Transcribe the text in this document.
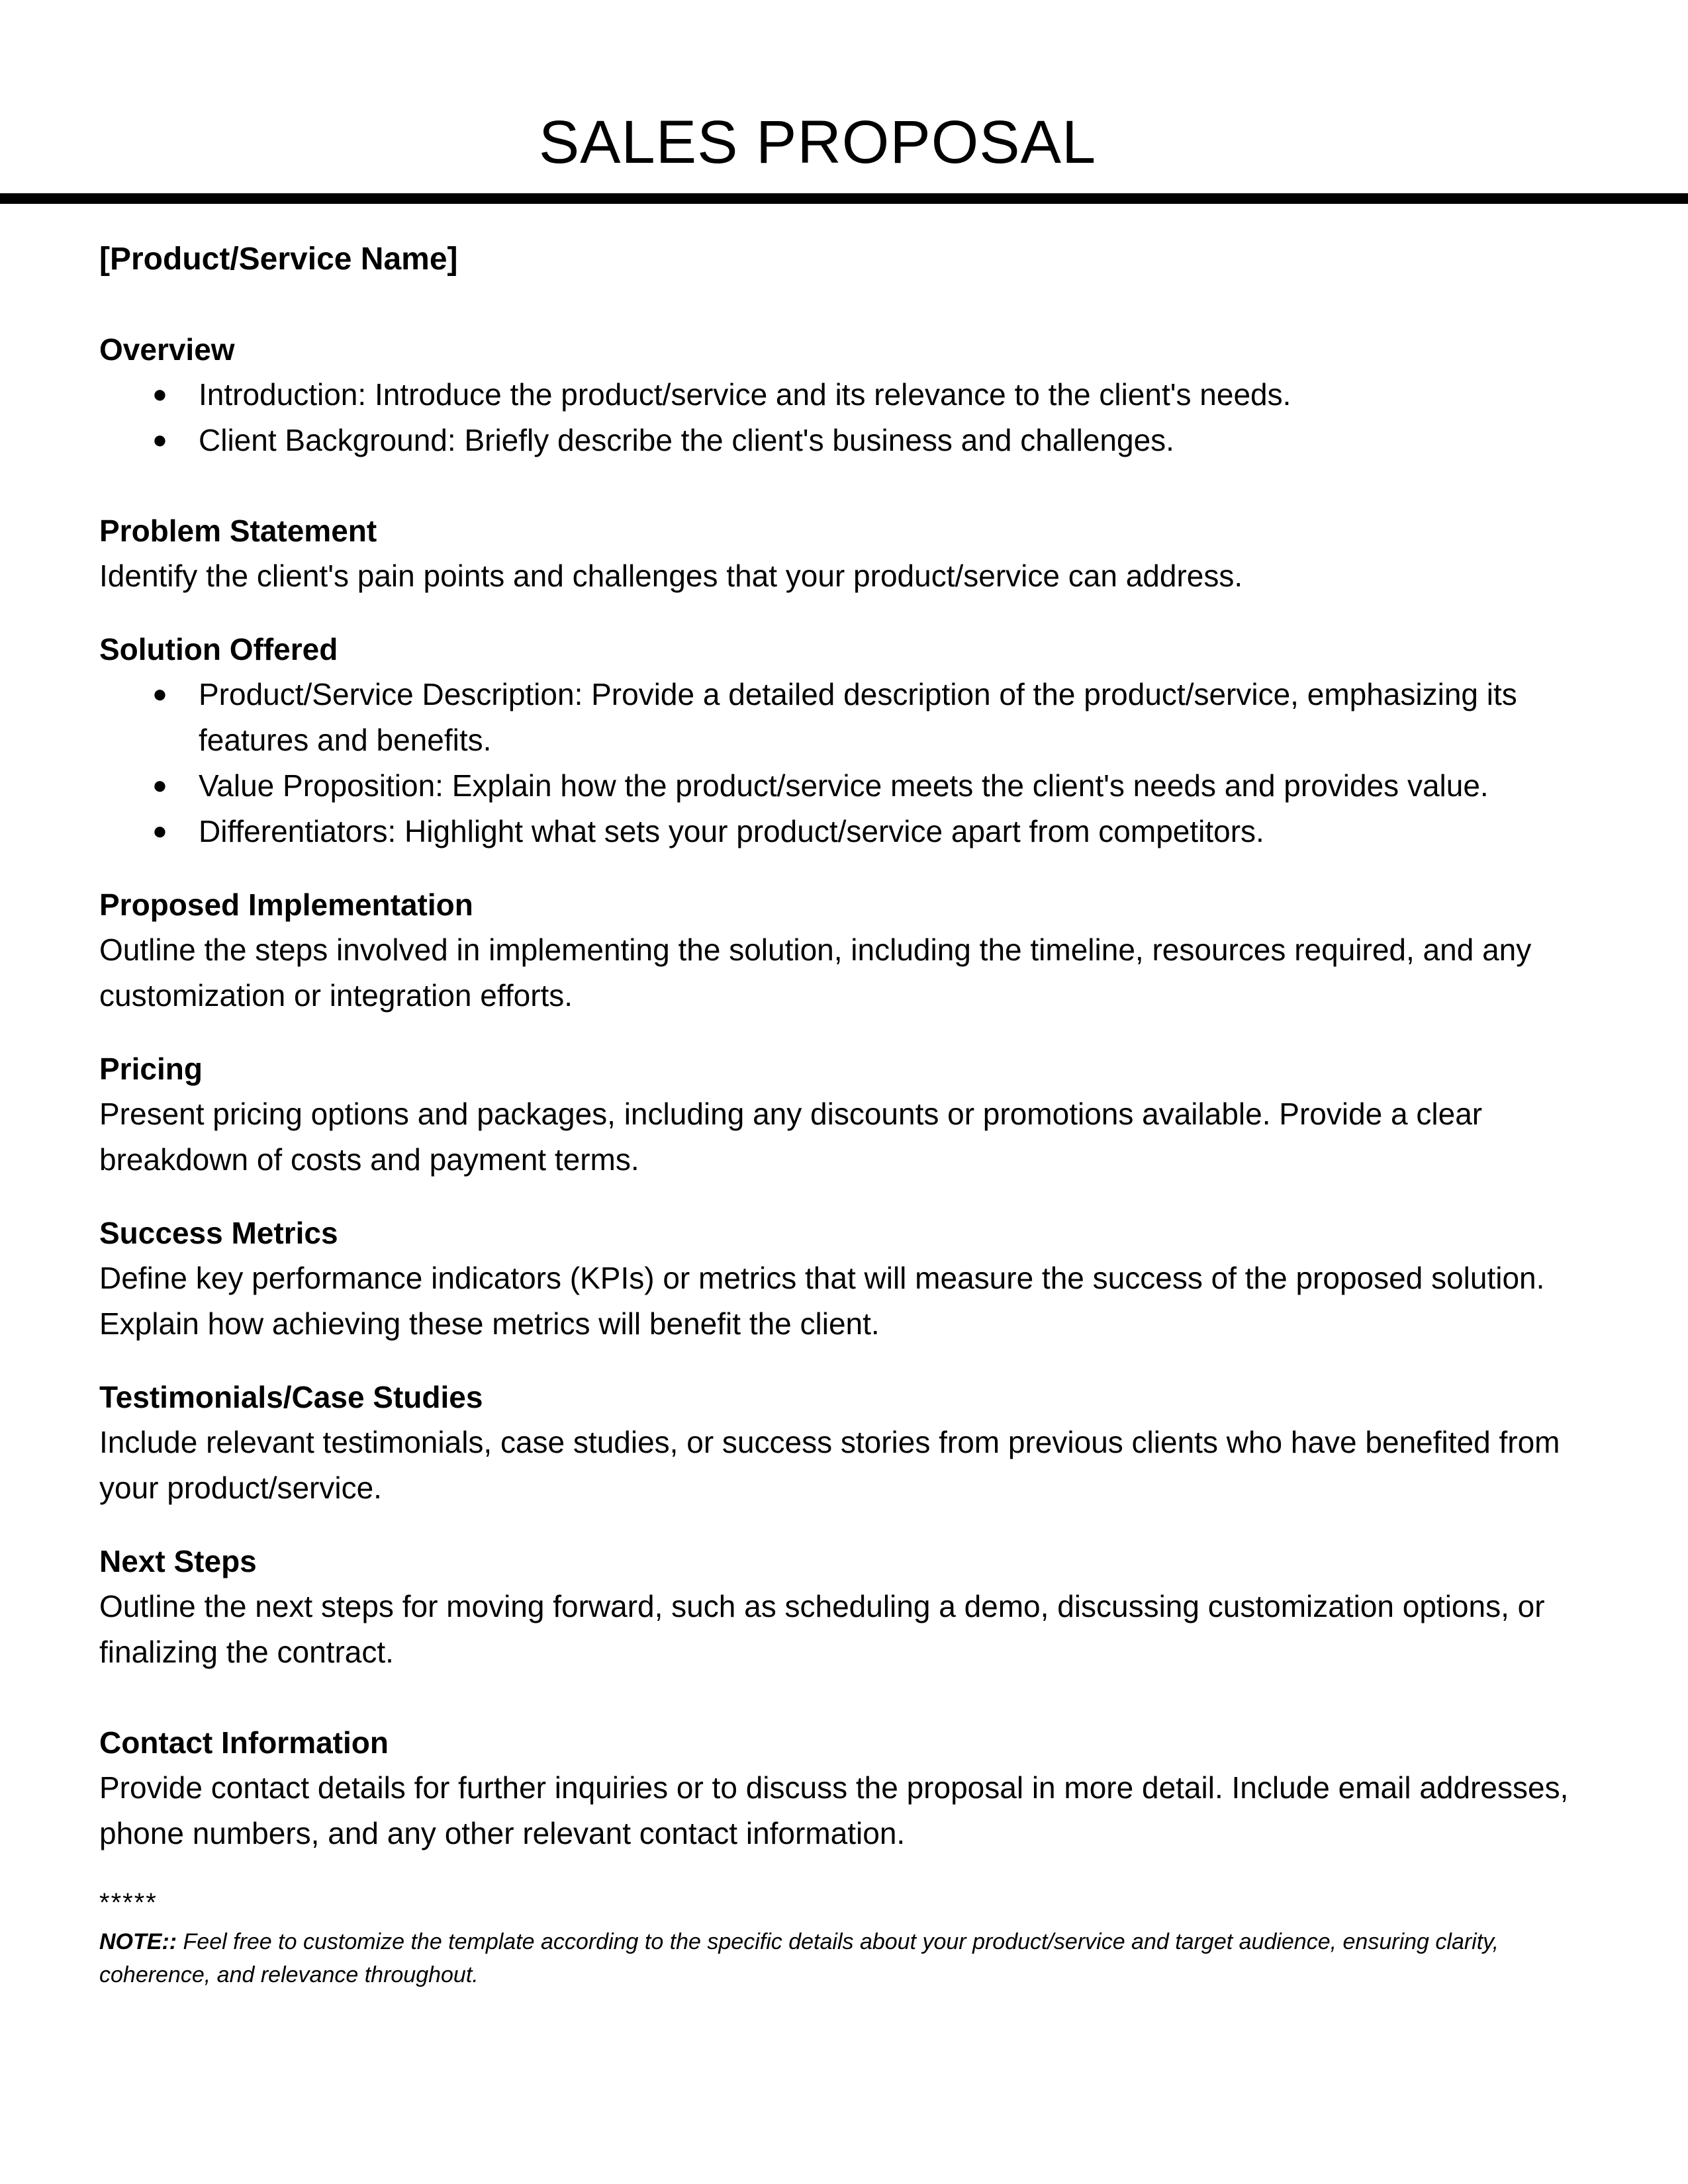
SALES PROPOSAL

[Product/Service Name]

Overview

● Introduction: Introduce the product/service and its relevance to the client's needs.
● Client Background: Briefly describe the client's business and challenges.

Problem Statement

Identify the client's pain points and challenges that your product/service can address.

Solution Offered

● Product/Service Description: Provide a detailed description of the product/service, emphasizing its features and benefits.
● Value Proposition: Explain how the product/service meets the client's needs and provides value.
● Differentiators: Highlight what sets your product/service apart from competitors.

Proposed Implementation

Outline the steps involved in implementing the solution, including the timeline, resources required, and any customization or integration efforts.

Pricing

Present pricing options and packages, including any discounts or promotions available. Provide a clear breakdown of costs and payment terms.

Success Metrics

Define key performance indicators (KPIs) or metrics that will measure the success of the proposed solution. Explain how achieving these metrics will benefit the client.

Testimonials/Case Studies

Include relevant testimonials, case studies, or success stories from previous clients who have benefited from your product/service.

Next Steps

Outline the next steps for moving forward, such as scheduling a demo, discussing customization options, or finalizing the contract.

Contact Information

Provide contact details for further inquiries or to discuss the proposal in more detail. Include email addresses, phone numbers, and any other relevant contact information.

*****

NOTE:: Feel free to customize the template according to the specific details about your product/service and target audience, ensuring clarity, coherence, and relevance throughout.
